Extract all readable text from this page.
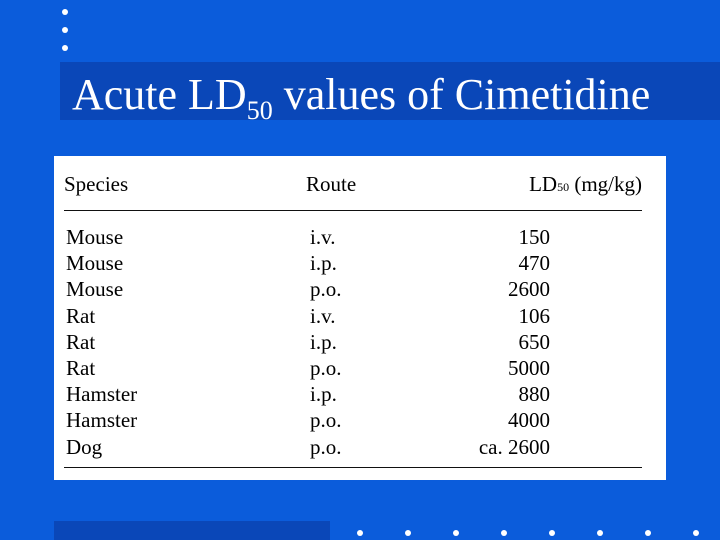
Acute $LD_{50}$ values of Cimetidine
Species	Route	LD50 (mg/kg)
Mouse
Mouse
Mouse
Rat
Rat
Rat
Hamster
Hamster
Dog
i.v.
i.p.
p.o.
i.v.
i.p.
p.o.
i.p.
p.o.
p.o.
150
470
2600
106
650
5000
880
4000
ca. 2600
